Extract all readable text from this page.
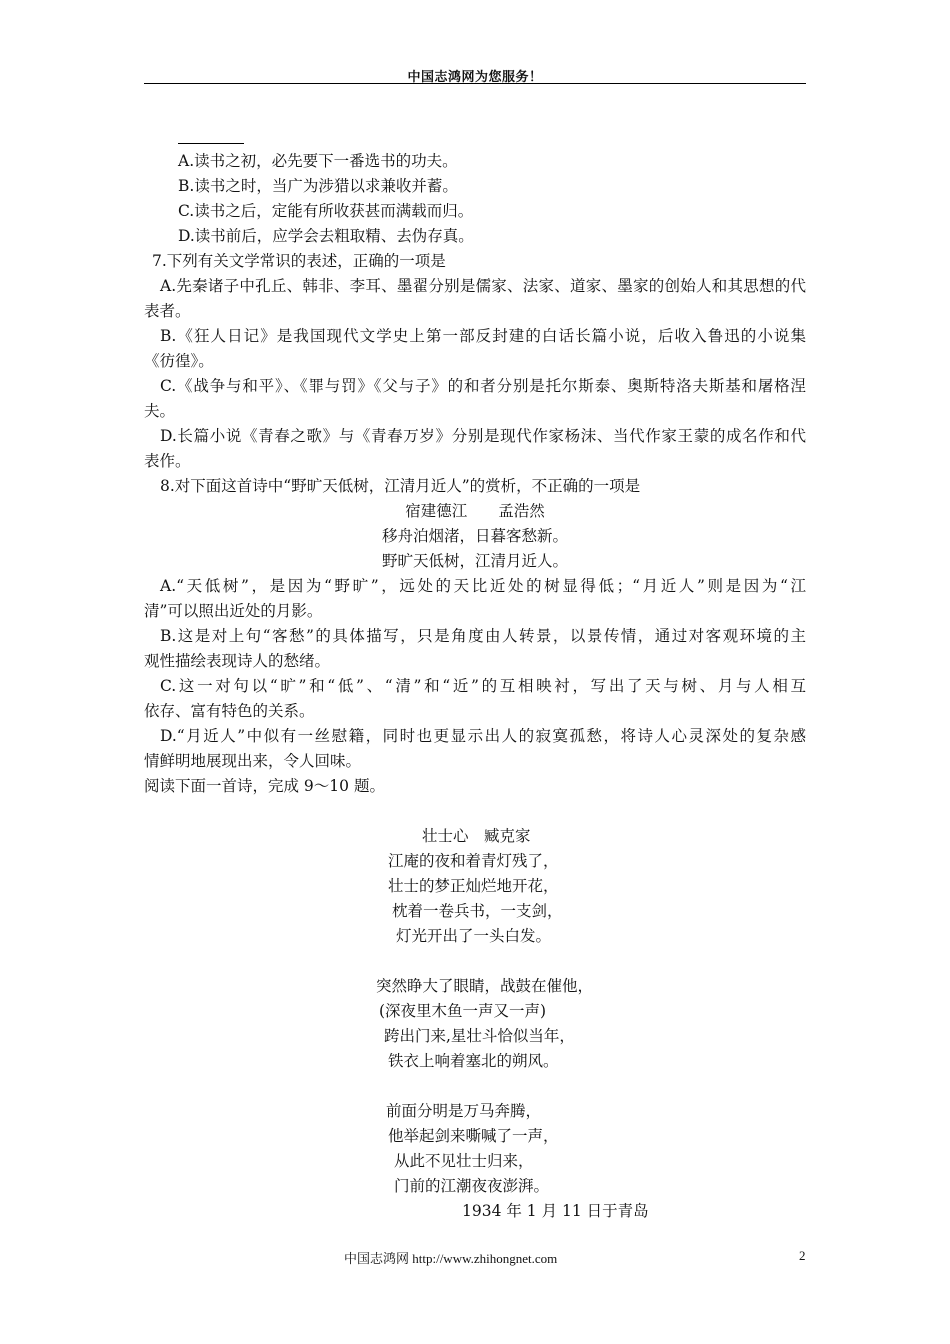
中国志鸿网为您服务！
A.读书之初，必先要下一番选书的功夫。
B.读书之时，当广为涉猎以求兼收并蓄。
C.读书之后，定能有所收获甚而满载而归。
D.读书前后，应学会去粗取精、去伪存真。
7.下列有关文学常识的表述，正确的一项是
A.先秦诸子中孔丘、韩非、李耳、墨翟分别是儒家、法家、道家、墨家的创始人和其思想的代
表者。
B.《狂人日记》是我国现代文学史上第一部反封建的白话长篇小说，后收入鲁迅的小说集
《彷徨》。
C.《战争与和平》、《罪与罚》《父与子》的和者分别是托尔斯泰、奥斯特洛夫斯基和屠格涅
夫。
D.长篇小说《青春之歌》与《青春万岁》分别是现代作家杨沫、当代作家王蒙的成名作和代
表作。
8.对下面这首诗中“野旷天低树，江清月近人”的赏析，不正确的一项是
宿建德江　　孟浩然
移舟泊烟渚，日暮客愁新。
野旷天低树，江清月近人。
A.“天低树”，是因为“野旷”，远处的天比近处的树显得低；“月近人”则是因为“江
清”可以照出近处的月影。
B.这是对上句“客愁”的具体描写，只是角度由人转景，以景传情，通过对客观环境的主
观性描绘表现诗人的愁绪。
C.这一对句以“旷”和“低”、“清”和“近”的互相映衬，写出了天与树、月与人相互
依存、富有特色的关系。
D.“月近人”中似有一丝慰籍，同时也更显示出人的寂寞孤愁，将诗人心灵深处的复杂感
情鲜明地展现出来，令人回味。
阅读下面一首诗，完成 9～10 题。
壮士心　臧克家
江庵的夜和着青灯残了，
壮士的梦正灿烂地开花，
枕着一卷兵书，一支剑，
灯光开出了一头白发。
突然睁大了眼睛，战鼓在催他，
(深夜里木鱼一声又一声)
跨出门来,星壮斗恰似当年，
铁衣上响着塞北的朔风。
前面分明是万马奔腾，
他举起剑来嘶喊了一声，
从此不见壮士归来，
门前的江潮夜夜澎湃。
1934 年 1 月 11 日于青岛
中国志鸿网 http://www.zhihongnet.com	2
